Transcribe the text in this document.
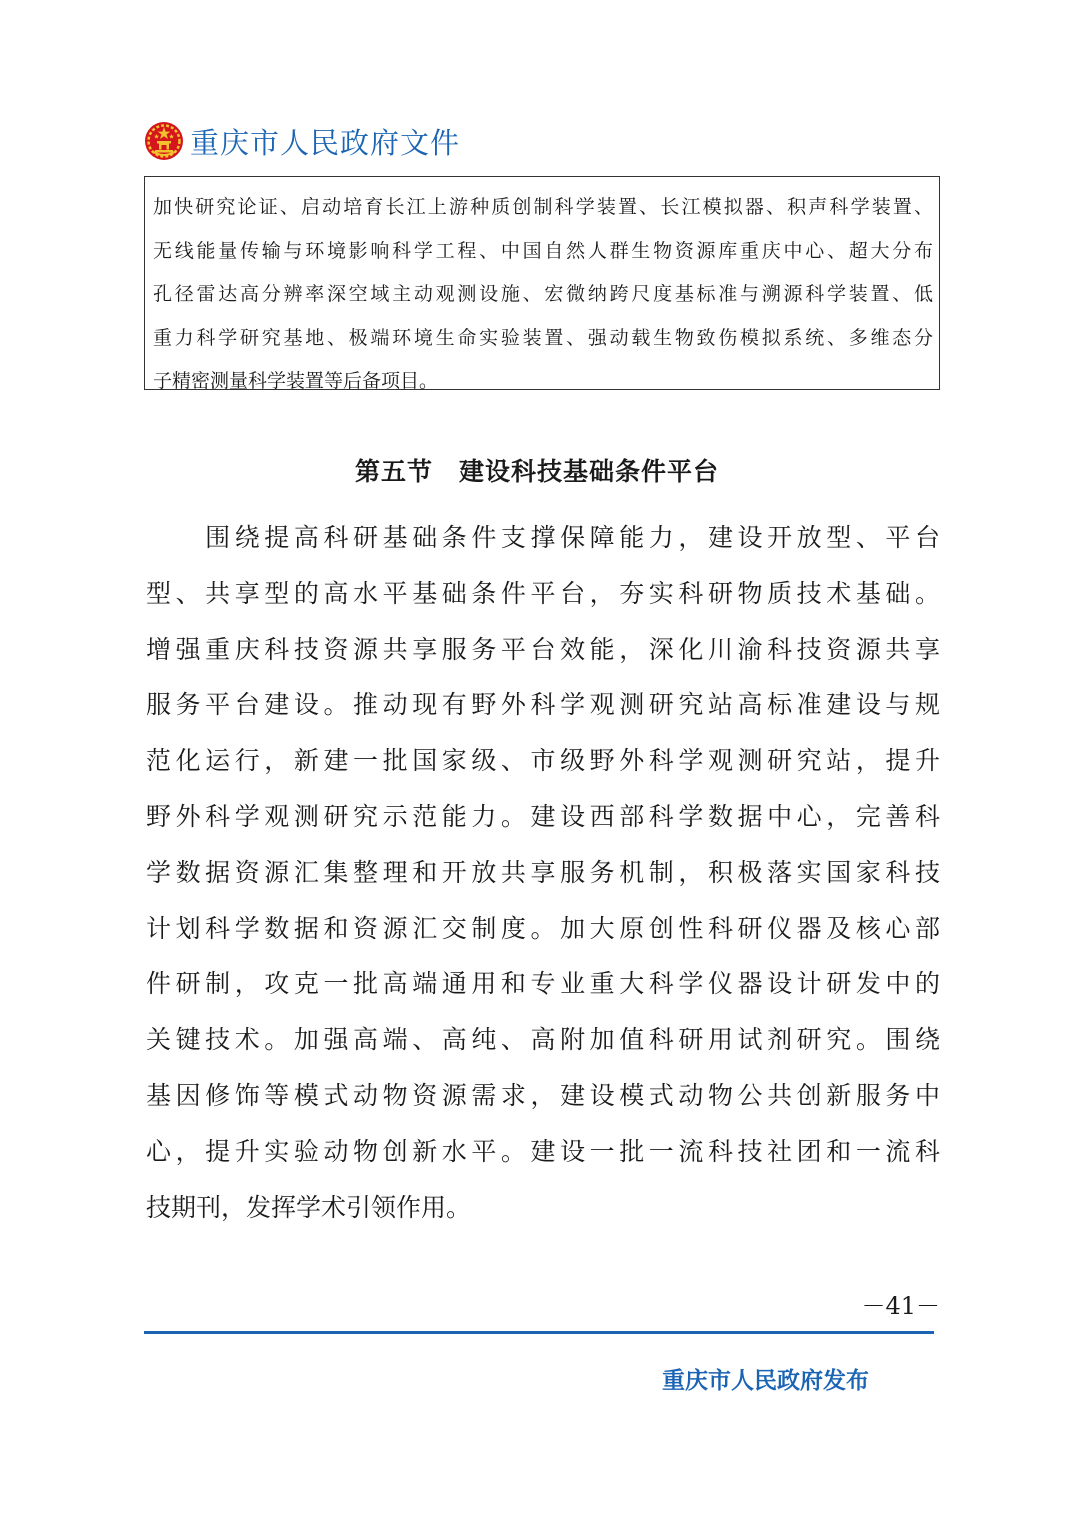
重庆市人民政府文件
加快研究论证、启动培育长江上游种质创制科学装置、长江模拟器、积声科学装置、
无线能量传输与环境影响科学工程、中国自然人群生物资源库重庆中心、超大分布
孔径雷达高分辨率深空域主动观测设施、宏微纳跨尺度基标准与溯源科学装置、低
重力科学研究基地、极端环境生命实验装置、强动载生物致伤模拟系统、多维态分
子精密测量科学装置等后备项目。
第五节　建设科技基础条件平台
　　围绕提高科研基础条件支撑保障能力，建设开放型、平台
型、共享型的高水平基础条件平台，夯实科研物质技术基础。
增强重庆科技资源共享服务平台效能，深化川渝科技资源共享
服务平台建设。推动现有野外科学观测研究站高标准建设与规
范化运行，新建一批国家级、市级野外科学观测研究站，提升
野外科学观测研究示范能力。建设西部科学数据中心，完善科
学数据资源汇集整理和开放共享服务机制，积极落实国家科技
计划科学数据和资源汇交制度。加大原创性科研仪器及核心部
件研制，攻克一批高端通用和专业重大科学仪器设计研发中的
关键技术。加强高端、高纯、高附加值科研用试剂研究。围绕
基因修饰等模式动物资源需求，建设模式动物公共创新服务中
心，提升实验动物创新水平。建设一批一流科技社团和一流科
技期刊，发挥学术引领作用。
－41－
重庆市人民政府发布
